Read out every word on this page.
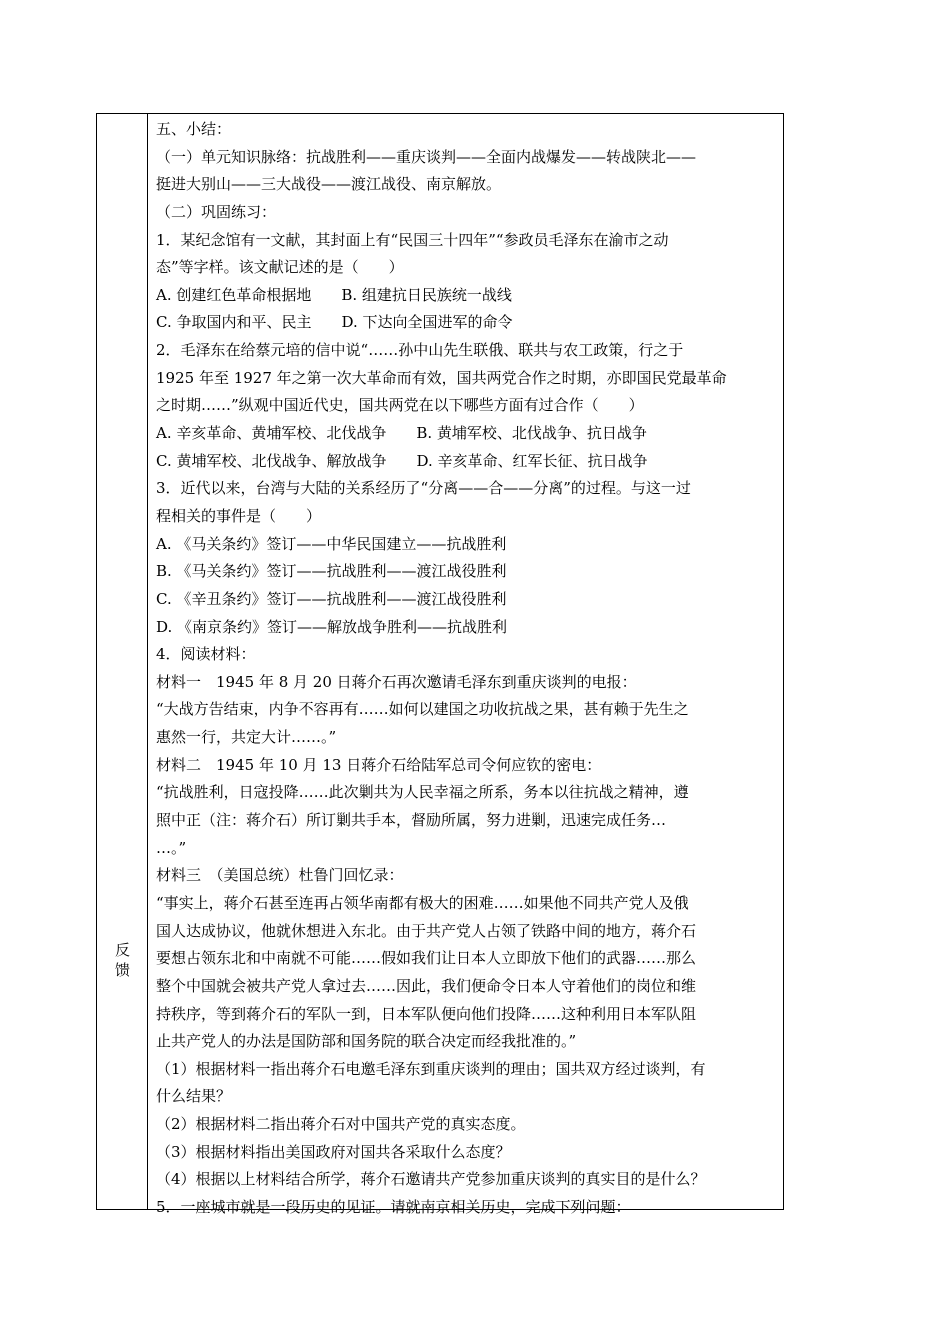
反
馈

五、小结：

（一）单元知识脉络：抗战胜利——重庆谈判——全面内战爆发——转战陕北——

挺进大别山——三大战役——渡江战役、南京解放。

（二）巩固练习：

1．某纪念馆有一文献，其封面上有“民国三十四年”“参政员毛泽东在渝市之动

态”等字样。该文献记述的是（　　）

A. 创建红色革命根据地　　B. 组建抗日民族统一战线

C. 争取国内和平、民主　　D. 下达向全国进军的命令

2．毛泽东在给蔡元培的信中说“……孙中山先生联俄、联共与农工政策，行之于

1925 年至 1927 年之第一次大革命而有效，国共两党合作之时期，亦即国民党最革命

之时期……”纵观中国近代史，国共两党在以下哪些方面有过合作（　　）

A. 辛亥革命、黄埔军校、北伐战争　　B. 黄埔军校、北伐战争、抗日战争

C. 黄埔军校、北伐战争、解放战争　　D. 辛亥革命、红军长征、抗日战争

3．近代以来，台湾与大陆的关系经历了“分离——合——分离”的过程。与这一过

程相关的事件是（　　）

A. 《马关条约》签订——中华民国建立——抗战胜利

B. 《马关条约》签订——抗战胜利——渡江战役胜利

C. 《辛丑条约》签订——抗战胜利——渡江战役胜利

D. 《南京条约》签订——解放战争胜利——抗战胜利

4．阅读材料：

材料一　1945 年 8 月 20 日蒋介石再次邀请毛泽东到重庆谈判的电报：

“大战方告结束，内争不容再有……如何以建国之功收抗战之果，甚有赖于先生之

惠然一行，共定大计……。”

材料二　1945 年 10 月 13 日蒋介石给陆军总司令何应钦的密电：

“抗战胜利，日寇投降……此次剿共为人民幸福之所系，务本以往抗战之精神，遵

照中正（注：蒋介石）所订剿共手本，督励所属，努力进剿，迅速完成任务…

…。”

材料三　（美国总统）杜鲁门回忆录：

“事实上，蒋介石甚至连再占领华南都有极大的困难……如果他不同共产党人及俄

国人达成协议，他就休想进入东北。由于共产党人占领了铁路中间的地方，蒋介石

要想占领东北和中南就不可能……假如我们让日本人立即放下他们的武器……那么

整个中国就会被共产党人拿过去……因此，我们便命令日本人守着他们的岗位和维

持秩序，等到蒋介石的军队一到，日本军队便向他们投降……这种利用日本军队阻

止共产党人的办法是国防部和国务院的联合决定而经我批准的。”

（1）根据材料一指出蒋介石电邀毛泽东到重庆谈判的理由；国共双方经过谈判，有

什么结果？

（2）根据材料二指出蒋介石对中国共产党的真实态度。

（3）根据材料指出美国政府对国共各采取什么态度？

（4）根据以上材料结合所学，蒋介石邀请共产党参加重庆谈判的真实目的是什么？

5．一座城市就是一段历史的见证。请就南京相关历史，完成下列问题：
